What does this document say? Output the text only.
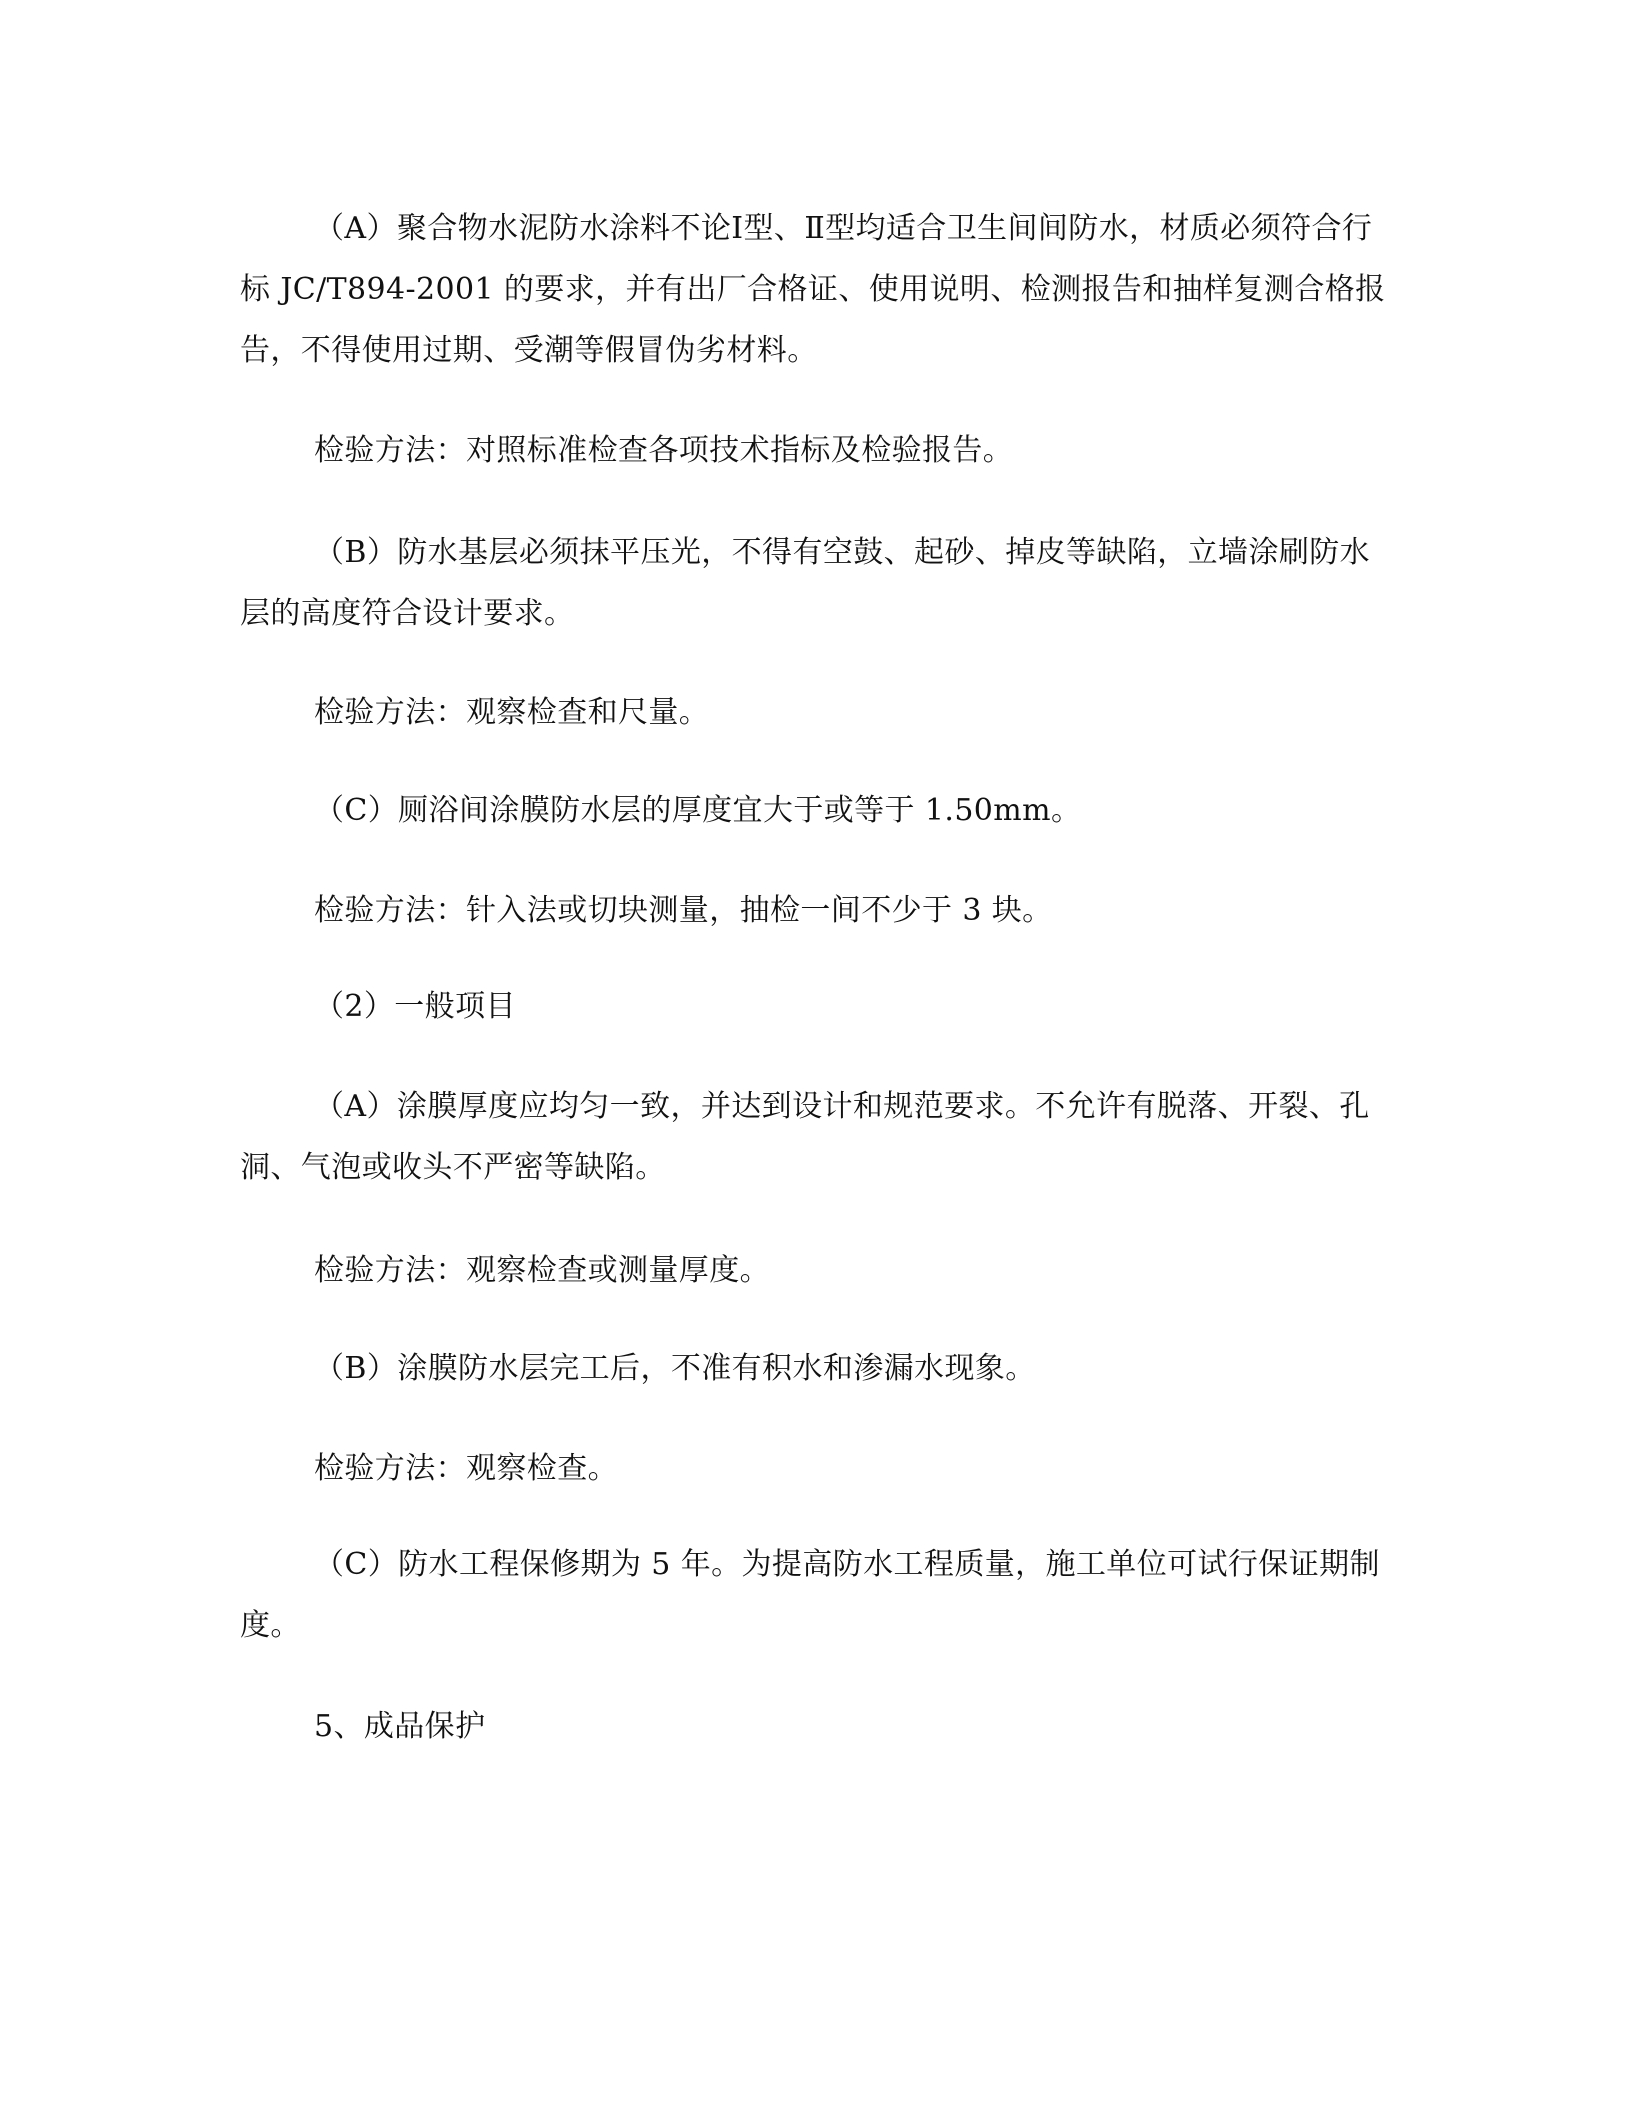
（A）聚合物水泥防水涂料不论Ⅰ型、Ⅱ型均适合卫生间间防水，材质必须符合行标 JC/T894-2001 的要求，并有出厂合格证、使用说明、检测报告和抽样复测合格报告，不得使用过期、受潮等假冒伪劣材料。

检验方法：对照标准检查各项技术指标及检验报告。

（B）防水基层必须抹平压光，不得有空鼓、起砂、掉皮等缺陷，立墙涂刷防水层的高度符合设计要求。

检验方法：观察检查和尺量。

（C）厕浴间涂膜防水层的厚度宜大于或等于 1.50mm。

检验方法：针入法或切块测量，抽检一间不少于 3 块。

（2）一般项目

（A）涂膜厚度应均匀一致，并达到设计和规范要求。不允许有脱落、开裂、孔洞、气泡或收头不严密等缺陷。

检验方法：观察检查或测量厚度。

（B）涂膜防水层完工后，不准有积水和渗漏水现象。

检验方法：观察检查。

（C）防水工程保修期为 5 年。为提高防水工程质量，施工单位可试行保证期制度。

5、成品保护
